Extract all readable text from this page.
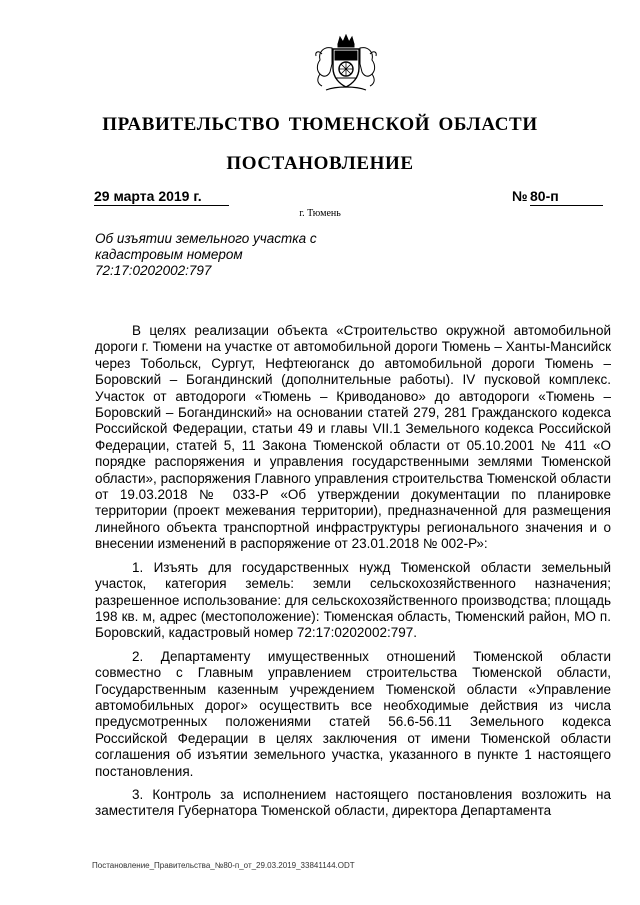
ПРАВИТЕЛЬСТВО ТЮМЕНСКОЙ ОБЛАСТИ
ПОСТАНОВЛЕНИЕ
29 марта 2019 г.	№ 80-п
г. Тюмень
Об изъятии земельного участка с кадастровым номером 72:17:0202002:797

В целях реализации объекта «Строительство окружной автомобильной дороги г. Тюмени на участке от автомобильной дороги Тюмень – Ханты-Мансийск через Тобольск, Сургут, Нефтеюганск до автомобильной дороги Тюмень – Боровский – Богандинский (дополнительные работы). IV пусковой комплекс. Участок от автодороги «Тюмень – Криводаново» до автодороги «Тюмень – Боровский – Богандинский» на основании статей 279, 281 Гражданского кодекса Российской Федерации, статьи 49 и главы VII.1 Земельного кодекса Российской Федерации, статей 5, 11 Закона Тюменской области от 05.10.2001 № 411 «О порядке распоряжения и управления государственными землями Тюменской области», распоряжения Главного управления строительства Тюменской области от 19.03.2018 № 033-Р «Об утверждении документации по планировке территории (проект межевания территории), предназначенной для размещения линейного объекта транспортной инфраструктуры регионального значения и о внесении изменений в распоряжение от 23.01.2018 № 002-Р»:

1. Изъять для государственных нужд Тюменской области земельный участок, категория земель: земли сельскохозяйственного назначения; разрешенное использование: для сельскохозяйственного производства; площадь 198 кв. м, адрес (местоположение): Тюменская область, Тюменский район, МО п. Боровский, кадастровый номер 72:17:0202002:797.

2. Департаменту имущественных отношений Тюменской области совместно с Главным управлением строительства Тюменской области, Государственным казенным учреждением Тюменской области «Управление автомобильных дорог» осуществить все необходимые действия из числа предусмотренных положениями статей 56.6-56.11 Земельного кодекса Российской Федерации в целях заключения от имени Тюменской области соглашения об изъятии земельного участка, указанного в пункте 1 настоящего постановления.

3. Контроль за исполнением настоящего постановления возложить на заместителя Губернатора Тюменской области, директора Департамента

Постановление_Правительства_№80-п_от_29.03.2019_33841144.ODT
